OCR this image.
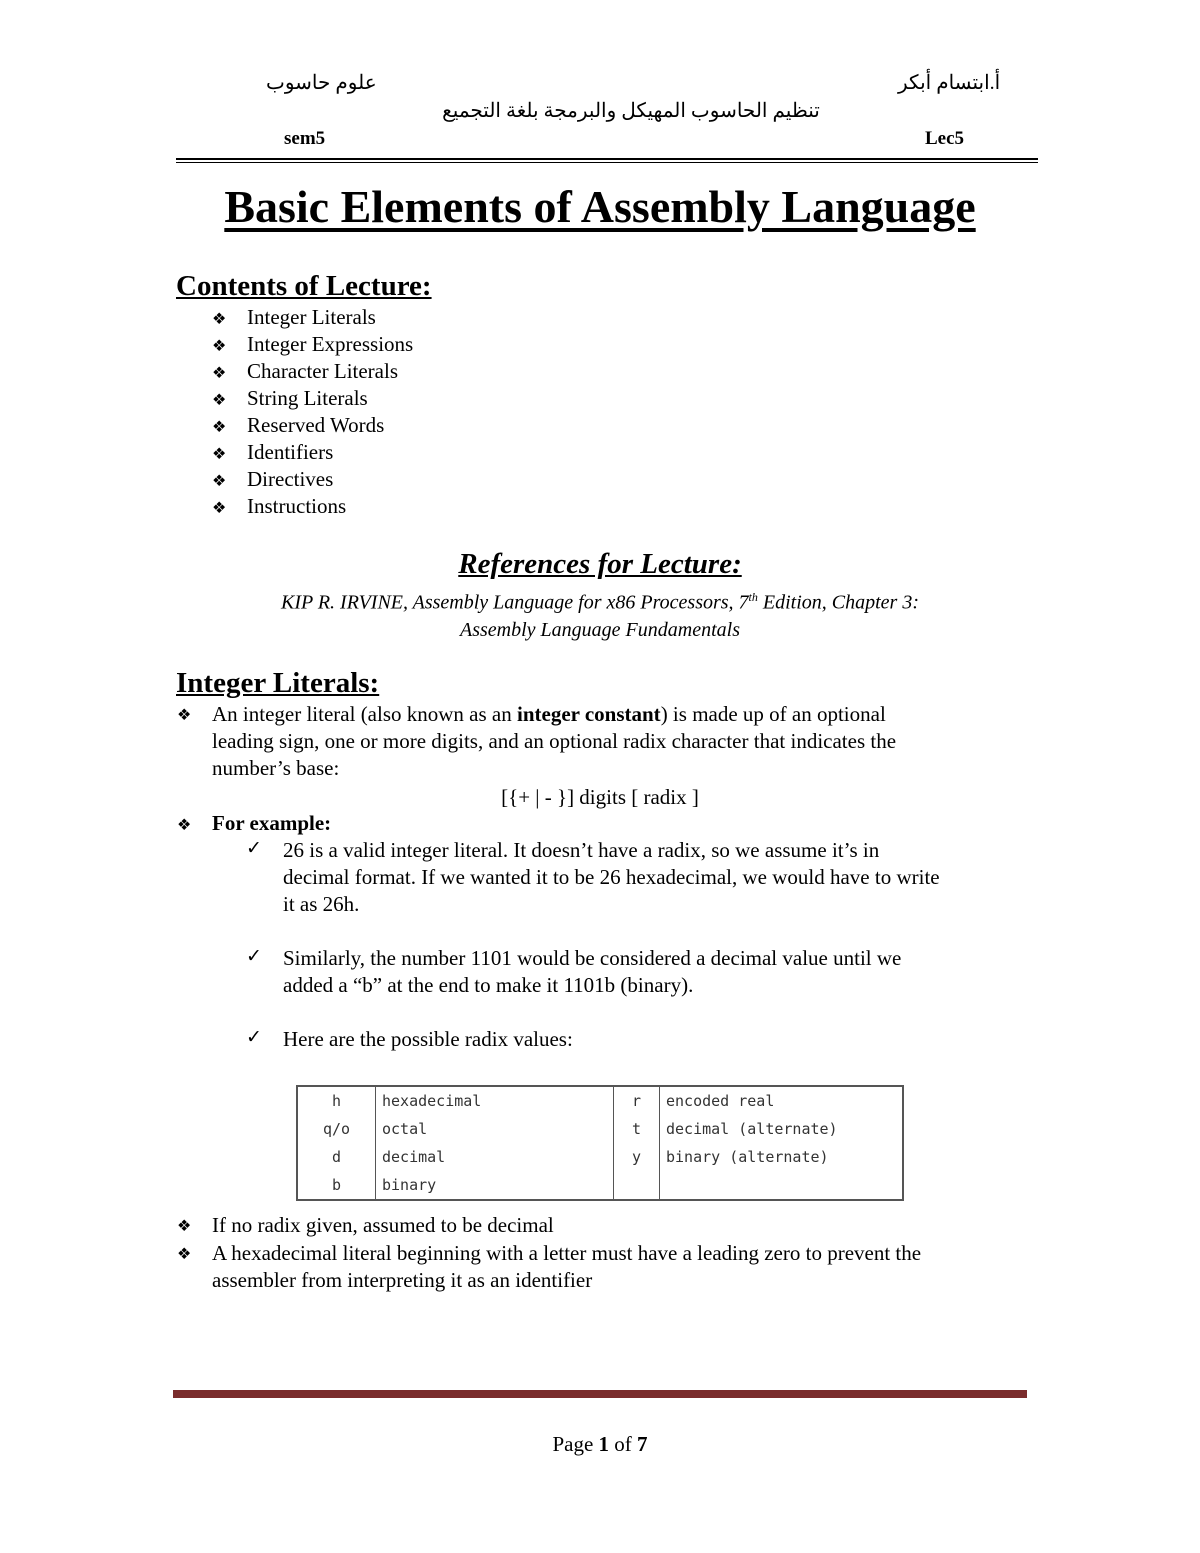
علوم حاسوب	أ.ابتسام أبكر
تنظيم الحاسوب المهيكل والبرمجة بلغة التجميع
sem5	Lec5
Basic Elements of Assembly Language
Contents of Lecture:
❖ Integer Literals
❖ Integer Expressions
❖ Character Literals
❖ String Literals
❖ Reserved Words
❖ Identifiers
❖ Directives
❖ Instructions
References for Lecture:
KIP R. IRVINE, Assembly Language for x86 Processors, 7th Edition, Chapter 3:
Assembly Language Fundamentals
Integer Literals:
❖ An integer literal (also known as an integer constant) is made up of an optional
leading sign, one or more digits, and an optional radix character that indicates the
number’s base:
[{+ | - }] digits [ radix ]
❖ For example:
✓ 26 is a valid integer literal. It doesn’t have a radix, so we assume it’s in
decimal format. If we wanted it to be 26 hexadecimal, we would have to write
it as 26h.
✓ Similarly, the number 1101 would be considered a decimal value until we
added a “b” at the end to make it 1101b (binary).
✓ Here are the possible radix values:
h	hexadecimal	r	encoded real
q/o	octal	t	decimal (alternate)
d	decimal	y	binary (alternate)
b	binary		
❖ If no radix given, assumed to be decimal
❖ A hexadecimal literal beginning with a letter must have a leading zero to prevent the
assembler from interpreting it as an identifier
Page 1 of 7
